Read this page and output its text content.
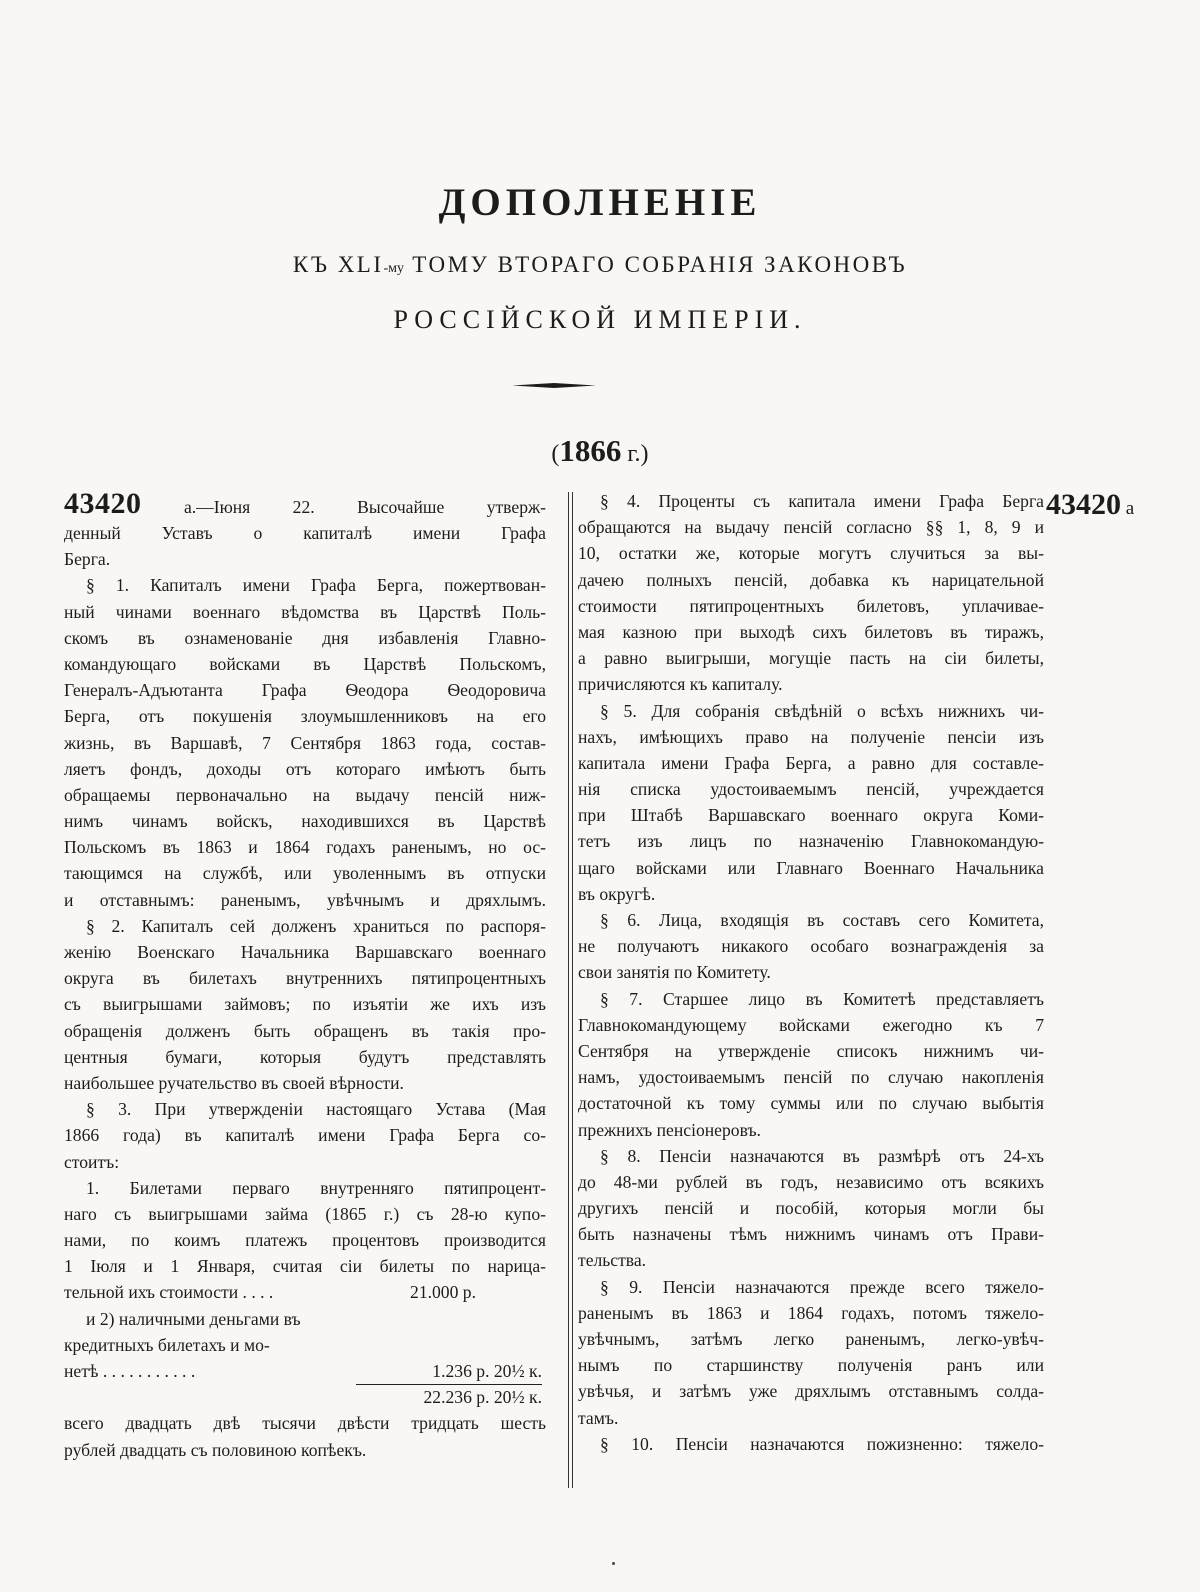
ДОПОЛНЕНІЕ
КЪ XLI-му ТОМУ ВТОРАГО СОБРАНІЯ ЗАКОНОВЪ
РОССІЙСКОЙ ИМПЕРІИ.
(1866 г.)
43420 а
43420 а.—Іюня 22. Высочайше утверж-
денный Уставъ о капиталѣ имени Графа
Берга.
§ 1. Капиталъ имени Графа Берга, пожертвован-
ный чинами военнаго вѣдомства въ Царствѣ Поль-
скомъ въ ознаменованіе дня избавленія Главно-
командующаго войсками въ Царствѣ Польскомъ,
Генералъ-Адъютанта Графа Ѳеодора Ѳеодоровича
Берга, отъ покушенія злоумышленниковъ на его
жизнь, въ Варшавѣ, 7 Сентября 1863 года, состав-
ляетъ фондъ, доходы отъ котораго имѣютъ быть
обращаемы первоначально на выдачу пенсій ниж-
нимъ чинамъ войскъ, находившихся въ Царствѣ
Польскомъ въ 1863 и 1864 годахъ раненымъ, но ос-
тающимся на службѣ, или уволеннымъ въ отпуски
и отставнымъ: раненымъ, увѣчнымъ и дряхлымъ.
§ 2. Капиталъ сей долженъ храниться по распоря-
женію Военскаго Начальника Варшавскаго военнаго
округа въ билетахъ внутреннихъ пятипроцентныхъ
съ выигрышами займовъ; по изъятіи же ихъ изъ
обращенія долженъ быть обращенъ въ такія про-
центныя бумаги, которыя будутъ представлять
наибольшее ручательство въ своей вѣрности.
§ 3. При утвержденіи настоящаго Устава (Мая
1866 года) въ капиталѣ имени Графа Берга со-
стоитъ:
1. Билетами перваго внутренняго пятипроцент-
наго съ выигрышами займа (1865 г.) съ 28-ю купо-
нами, по коимъ платежъ процентовъ производится
1 Іюля и 1 Января, считая сіи билеты по нарица-
тельной ихъ стоимости . . . .	21.000 р.
и 2) наличными деньгами въ
кредитныхъ билетахъ и мо-
нетѣ . . . . . . . . . . .	1.236 р. 20½ к.
22.236 р. 20½ к.
всего двадцать двѣ тысячи двѣсти тридцать шесть
рублей двадцать съ половиною копѣекъ.
§ 4. Проценты съ капитала имени Графа Берга
обращаются на выдачу пенсій согласно §§ 1, 8, 9 и
10, остатки же, которые могутъ случиться за вы-
дачею полныхъ пенсій, добавка къ нарицательной
стоимости пятипроцентныхъ билетовъ, уплачивае-
мая казною при выходѣ сихъ билетовъ въ тиражъ,
а равно выигрыши, могущіе пасть на сіи билеты,
причисляются къ капиталу.
§ 5. Для собранія свѣдѣній о всѣхъ нижнихъ чи-
нахъ, имѣющихъ право на полученіе пенсіи изъ
капитала имени Графа Берга, а равно для составле-
нія списка удостоиваемымъ пенсій, учреждается
при Штабѣ Варшавскаго военнаго округа Коми-
тетъ изъ лицъ по назначенію Главнокомандую-
щаго войсками или Главнаго Военнаго Начальника
въ округѣ.
§ 6. Лица, входящія въ составъ сего Комитета,
не получаютъ никакого особаго вознагражденія за
свои занятія по Комитету.
§ 7. Старшее лицо въ Комитетѣ представляетъ
Главнокомандующему войсками ежегодно къ 7
Сентября на утвержденіе списокъ нижнимъ чи-
намъ, удостоиваемымъ пенсій по случаю накопленія
достаточной къ тому суммы или по случаю выбытія
прежнихъ пенсіонеровъ.
§ 8. Пенсіи назначаются въ размѣрѣ отъ 24-хъ
до 48-ми рублей въ годъ, независимо отъ всякихъ
другихъ пенсій и пособій, которыя могли бы
быть назначены тѣмъ нижнимъ чинамъ отъ Прави-
тельства.
§ 9. Пенсіи назначаются прежде всего тяжело-
раненымъ въ 1863 и 1864 годахъ, потомъ тяжело-
увѣчнымъ, затѣмъ легко раненымъ, легко-увѣч-
нымъ по старшинству полученія ранъ или
увѣчья, и затѣмъ уже дряхлымъ отставнымъ солда-
тамъ.
§ 10. Пенсіи назначаются пожизненно: тяжело-
